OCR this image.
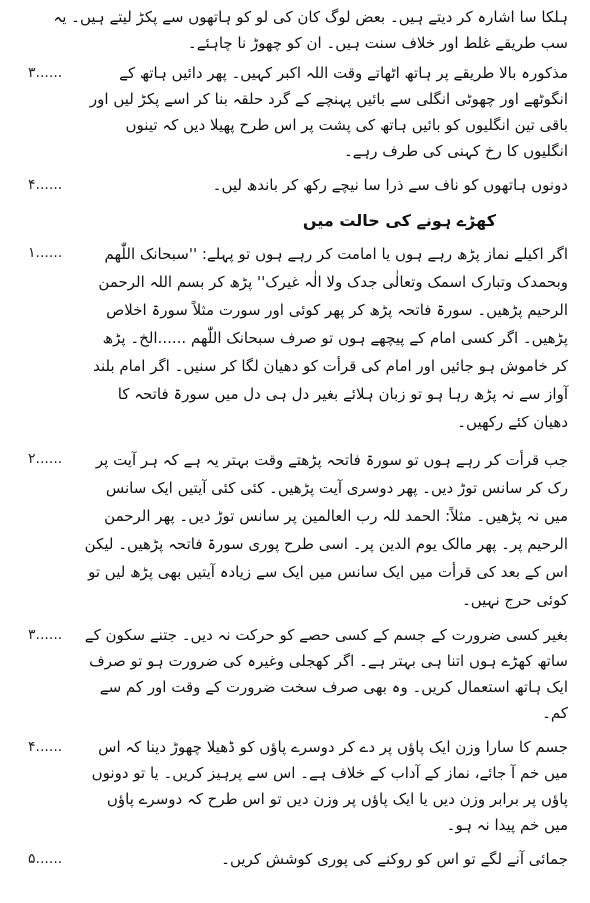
ہلکا سا اشارہ کر دیتے ہیں۔ بعض لوگ کان کی لو کو ہاتھوں سے پکڑ لیتے ہیں۔ یہ سب طریقے غلط اور خلاف سنت ہیں۔ ان کو چھوڑ نا چاہئے۔

مذکورہ بالا طریقے پر ہاتھ اٹھاتے وقت اللہ اکبر کہیں۔ پھر دائیں ہاتھ کے انگوٹھے اور چھوٹی انگلی سے بائیں پہنچے کے گرد حلقہ بنا کر اسے پکڑ لیں اور باقی تین انگلیوں کو بائیں ہاتھ کی پشت پر اس طرح پھیلا دیں کہ تینوں انگلیوں کا رخ کہنی کی طرف رہے۔
۳......
دونوں ہاتھوں کو ناف سے ذرا سا نیچے رکھ کر باندھ لیں۔
۴......
کھڑے ہونے کی حالت میں
اگر اکیلے نماز پڑھ رہے ہوں یا امامت کر رہے ہوں تو پہلے: ''سبحانک اللّٰھم وبحمدک وتبارک اسمک وتعالٰی جدک ولا الٰہ غیرک'' پڑھ کر بسم اللہ الرحمن الرحیم پڑھیں۔ سورۃ فاتحہ پڑھ کر پھر کوئی اور سورت مثلاً سورۃ اخلاص پڑھیں۔ اگر کسی امام کے پیچھے ہوں تو صرف سبحانک اللّٰھم ......الخ۔ پڑھ کر خاموش ہو جائیں اور امام کی قرأت کو دھیان لگا کر سنیں۔ اگر امام بلند آواز سے نہ پڑھ رہا ہو تو زبان ہلائے بغیر دل ہی دل میں سورۃ فاتحہ کا دھیان کئے رکھیں۔
۱......
جب قرأت کر رہے ہوں تو سورۃ فاتحہ پڑھتے وقت بہتر یہ ہے کہ ہر آیت پر رک کر سانس توڑ دیں۔ پھر دوسری آیت پڑھیں۔ کئی کئی آیتیں ایک سانس میں نہ پڑھیں۔ مثلاً: الحمد للہ رب العالمین پر سانس توڑ دیں۔ پھر الرحمن الرحیم پر۔ پھر مالک یوم الدین پر۔ اسی طرح پوری سورۃ فاتحہ پڑھیں۔ لیکن اس کے بعد کی قرأت میں ایک سانس میں ایک سے زیادہ آیتیں بھی پڑھ لیں تو کوئی حرج نہیں۔
۲......
بغیر کسی ضرورت کے جسم کے کسی حصے کو حرکت نہ دیں۔ جتنے سکون کے ساتھ کھڑے ہوں اتنا ہی بہتر ہے۔ اگر کھجلی وغیرہ کی ضرورت ہو تو صرف ایک ہاتھ استعمال کریں۔ وہ بھی صرف سخت ضرورت کے وقت اور کم سے کم۔
۳......
جسم کا سارا وزن ایک پاؤں پر دے کر دوسرے پاؤں کو ڈھیلا چھوڑ دینا کہ اس میں خم آ جائے، نماز کے آداب کے خلاف ہے۔ اس سے پرہیز کریں۔ یا تو دونوں پاؤں پر برابر وزن دیں یا ایک پاؤں پر وزن دیں تو اس طرح کہ دوسرے پاؤں میں خم پیدا نہ ہو۔
۴......
جمائی آنے لگے تو اس کو روکنے کی پوری کوشش کریں۔
۵......
